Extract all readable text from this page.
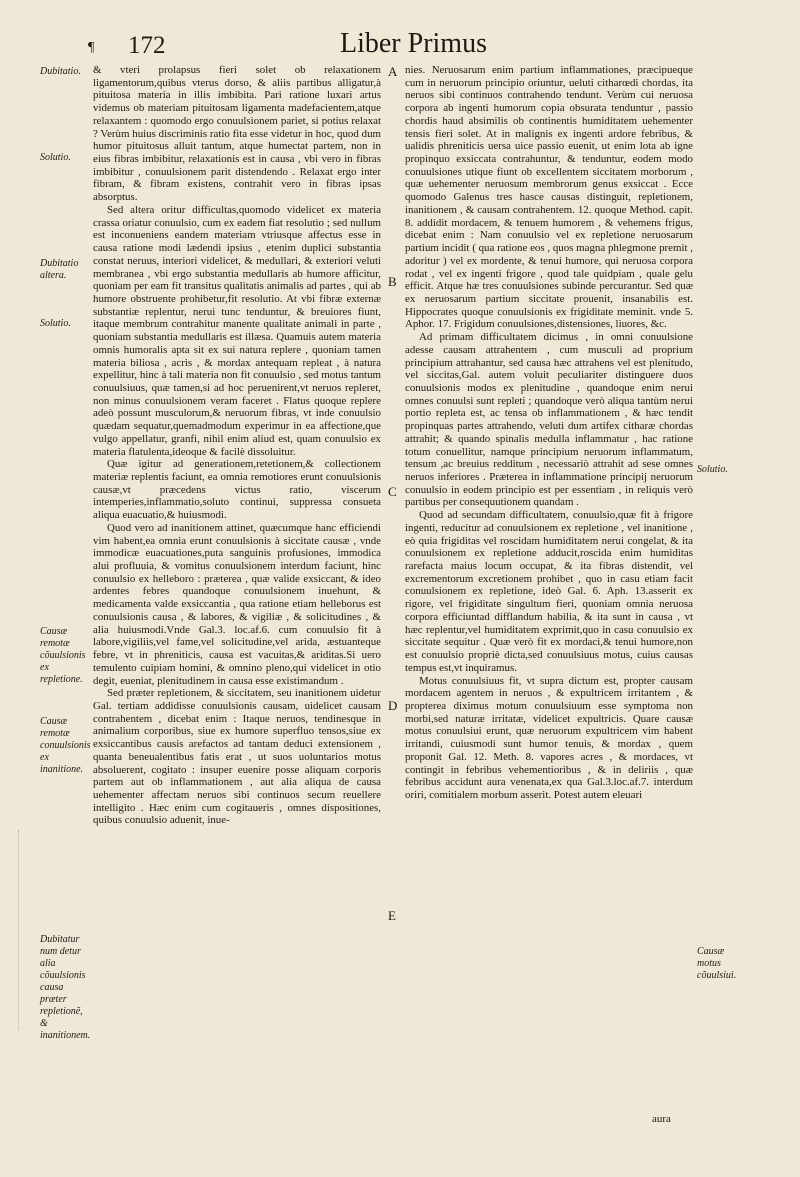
¶ 172	Liber Primus
Dubitatio.
Solutio.
Dubitatio altera.
Solutio.
Causæ remotæ cõuulsionis ex repletione.
Causæ remotæ conuulsionis ex inanitione.
Dubitatur num detur alia cõuulsionis causa præter repletionẽ, & inanitionem.
Solutio.
Causæ motus cõuulsiui.
A
B
C
D
E

& vteri prolapsus fieri solet ob relaxationem ligamentorum,quibus vterus dorso, & aliis partibus alligatur,à pituitosa materia in illis imbibita. Pari ratione luxari artus videmus ob materiam pituitosam ligamenta madefacientem,atque relaxantem : quomodo ergo conuulsionem pariet, si potius relaxat ? Verùm huius discriminis ratio fita esse videtur in hoc, quod dum humor pituitosus alluit tantum, atque humectat partem, non in eius fibras imbibitur, relaxationis est in causa , vbi vero in fibras imbibitur , conuulsionem parit distendendo . Relaxat ergo inter fibram, & fibram existens, contrahit vero in fibras ipsas absorptus.

Sed altera oritur difficultas,quomodo videlicet ex materia crassa oriatur conuulsio, cum ex eadem fiat resolutio ; sed nullum est inconueniens eandem materiam vtriusque affectus esse in causa ratione modi lædendi ipsius , etenim duplici substantia constat neruus, interiori videlicet, & medullari, & exteriori veluti membranea , vbi ergo substantia medullaris ab humore afficitur, quoniam per eam fit transitus qualitatis animalis ad partes , qui ab humore obstruente prohibetur,fit resolutio. At vbi fibræ externæ substantiæ replentur, nerui tunc tenduntur, & breuiores fiunt, itaque membrum contrahitur manente qualitate animali in parte , quoniam substantia medullaris est illæsa. Quamuis autem materia omnis humoralis apta sit ex sui natura replere , quoniam tamen materia biliosa , acris , & mordax antequam repleat , à natura expellitur, hinc à tali materia non fit conuulsio , sed motus tantum conuulsiuus, quæ tamen,si ad hoc peruenirent,vt neruos repleret, non minus conuulsionem veram faceret . Flatus quoque replere adeò possunt musculorum,& neruorum fibras, vt inde conuulsio quædam sequatur,quemadmodum experimur in ea affectione,que vulgo appellatur, granfi, nihil enim aliud est, quam conuulsio ex materia flatulenta,ideoque & facilè dissoluitur.

Quæ igitur ad generationem,retetionem,& collectionem materiæ replentis faciunt, ea omnia remotiores erunt conuulsionis causæ,vt præcedens victus ratio, viscerum intemperies,inflammatio,soluto continui, suppressa consueta aliqua euacuatio,& huiusmodi.

Quod vero ad inanitionem attinet, quæcumque hanc efficiendi vim habent,ea omnia erunt conuulsionis à siccitate causæ , vnde immodicæ euacuationes,puta sanguinis profusiones, immodica alui profluuia, & vomitus conuulsionem interdum faciunt, hinc conuulsio ex helleboro : præterea , quæ valide exsiccant, & ideo ardentes febres quandoque conuulsionem inuehunt, & medicamenta valde exsiccantia , qua ratione etiam helleborus est conuulsionis causa , & labores, & vigiliæ , & solicitudines , & alia huiusmodi.Vnde Gal.3. loc.af.6. cum conuulsio fit à labore,vigiliis,vel fame,vel solicitudine,vel arida, æstuanteque febre, vt in phreniticis, causa est vacuitas,& ariditas.Si uero temulento cuipiam homini, & omnino pleno,qui videlicet in otio degit, eueniat, plenitudinem in causa esse existimandum .

Sed præter repletionem, & siccitatem, seu inanitionem uidetur Gal. tertiam addidisse conuulsionis causam, uidelicet causam contrahentem , dicebat enim : Itaque neruos, tendinesque in animalium corporibus, siue ex humore superfluo tensos,siue ex exsiccantibus causis arefactos ad tantam deduci extensionem , quanta beneualentibus fatis erat , ut suos uoluntarios motus absoluerent, cogitato : insuper euenire posse aliquam corporis partem aut ob inflammationem , aut alia aliqua de causa uehementer affectam neruos sibi continuos secum reuellere intelligito . Hæc enim cum cogitaueris , omnes dispositiones, quibus conuulsio aduenit, inue-

nies. Neruosarum enim partium inflammationes, præcipueque cum in neruorum principio oriuntur, ueluti citharœdi chordas, ita neruos sibi continuos contrahendo tendunt. Verùm cui neruosa corpora ab ingenti humorum copia obsurata tenduntur , passio chordis haud absimilis ob continentis humiditatem uehementer tensis fieri solet. At in malignis ex ingenti ardore febribus, & ualidis phreniticis uersa uice passio euenit, ut enim lota ab igne propinquo exsiccata contrahuntur, & tenduntur, eodem modo conuulsiones utique fiunt ob excellentem siccitatem morborum , quæ uehementer neruosum membrorum genus exsiccat . Ecce quomodo Galenus tres hasce causas distinguit, repletionem, inanitionem , & causam contrahentem. 12. quoque Method. capit. 8. addidit mordacem, & tenuem humorem , & vehemens frigus, dicebat enim : Nam conuulsio vel ex repletione neruosarum partium incidit ( qua ratione eos , quos magna phlegmone premit , adoritur ) vel ex mordente, & tenui humore, qui neruosa corpora rodat , vel ex ingenti frigore , quod tale quidpiam , quale gelu efficit. Atque hæ tres conuulsiones subinde percurantur. Sed quæ ex neruosarum partium siccitate prouenit, insanabilis est. Hippocrates quoque conuulsionis ex frigiditate meminit. vnde 5. Aphor. 17. Frigidum conuulsiones,distensiones, liuores, &c.

Ad primam difficultatem dicimus , in omni conuulsione adesse causam attrahentem , cum musculi ad proprium principium attrahantur, sed causa hæc attrahens vel est plenitudo, vel siccitas,Gal. autem voluit peculiariter distinguere duos conuulsionis modos ex plenitudine , quandoque enim nerui omnes conuulsi sunt repleti ; quandoque verò aliqua tantùm nerui portio repleta est, ac tensa ob inflammationem , & hæc tendit propinquas partes attrahendo, veluti dum artifex citharæ chordas attrahit; & quando spinalis medulla inflammatur , hac ratione totum conuellitur, namque principium neruorum inflammatum, tensum ,ac breuius redditum , necessariò attrahit ad sese omnes neruos inferiores . Præterea in inflammatione principij neruorum conuulsio in eodem principio est per essentiam , in reliquis verò partibus per consequutionem quandam .

Quod ad secundam difficultatem, conuulsio,quæ fit à frigore ingenti, reducitur ad conuulsionem ex repletione , vel inanitione , eò quia frigiditas vel roscidam humiditatem nerui congelat, & ita conuulsionem ex repletione adducit,roscida enim humiditas rarefacta maius locum occupat, & ita fibras distendit, vel excrementorum excretionem prohibet , quo in casu etiam facit conuulsionem ex repletione, ideò Gal. 6. Aph. 13.asserit ex rigore, vel frigiditate singultum fieri, quoniam omnia neruosa corpora efficiuntad difflandum habilia, & ita sunt in causa , vt hæc replentur,vel humiditatem exprimit,quo in casu conuulsio ex siccitate sequitur . Quæ verò fit ex mordaci,& tenui humore,non est conuulsio propriè dicta,sed conuulsiuus motus, cuius causas tempus est,vt inquiramus.

Motus conuulsiuus fit, vt supra dictum est, propter causam mordacem agentem in neruos , & expultricem irritantem , & propterea diximus motum conuulsiuum esse symptoma non morbi,sed naturæ irritatæ, videlicet expultricis. Quare causæ motus conuulsiui erunt, quæ neruorum expultricem vim habent irritandi, cuiusmodi sunt humor tenuis, & mordax , quem proponit Gal. 12. Meth. 8. vapores acres , & mordaces, vt contingit in febribus vehementioribus , & in deliriis , quæ febribus accidunt aura venenata,ex qua Gal.3.loc.af.7. interdum oriri, comitialem morbum asserit. Potest autem eleuari

aura
